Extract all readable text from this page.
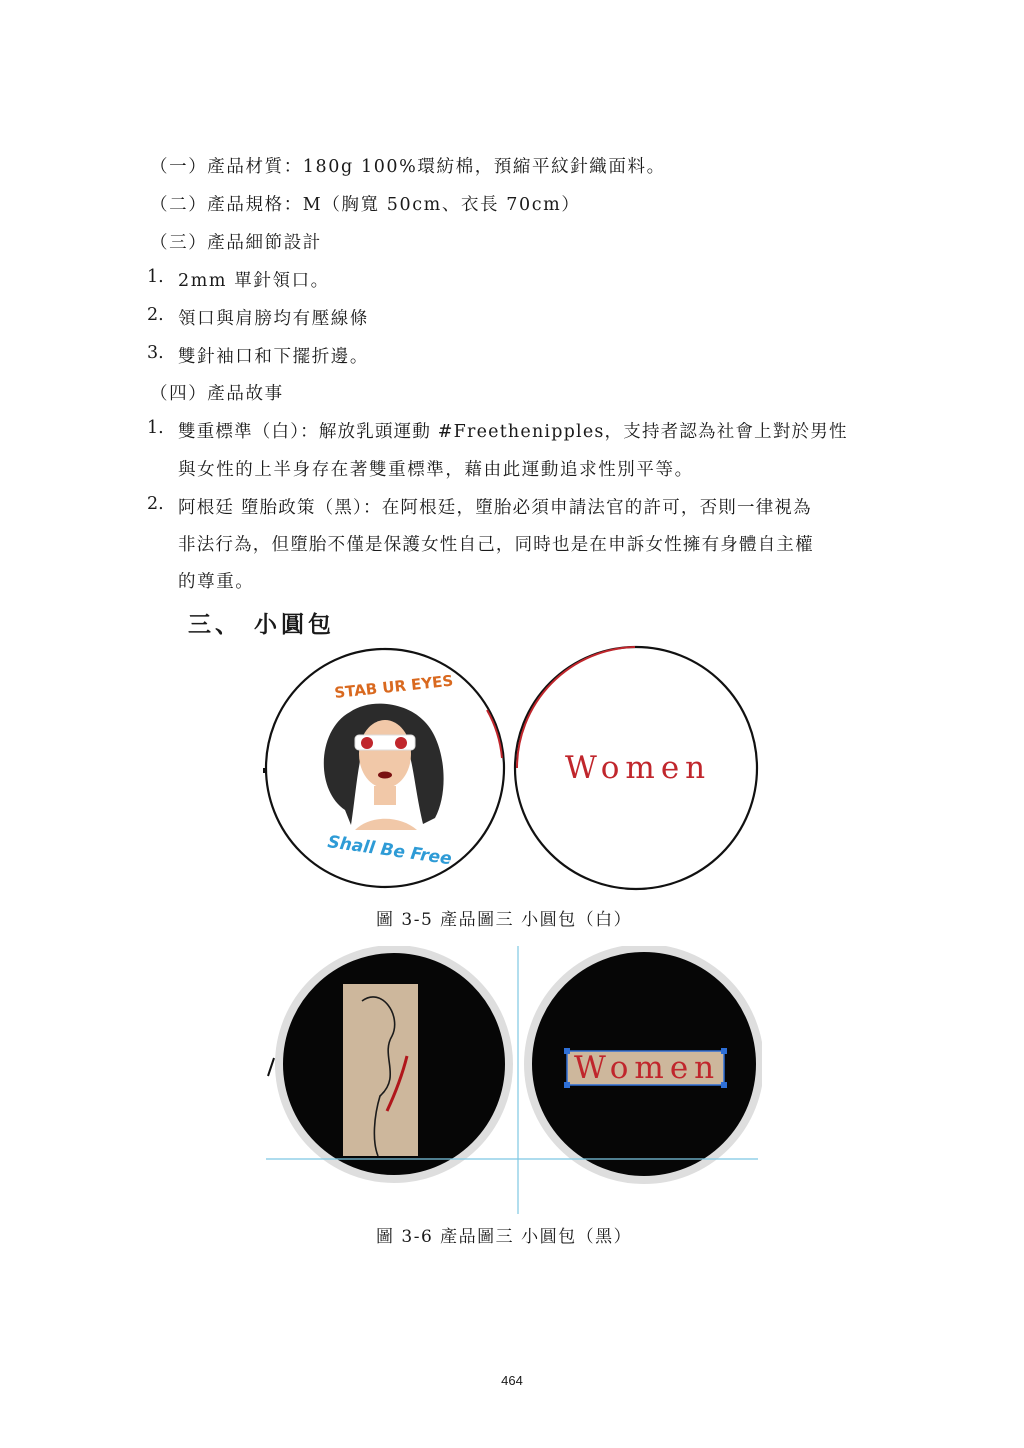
（一）產品材質：180g 100%環紡棉，預縮平紋針織面料。
（二）產品規格：M（胸寬 50cm、衣長 70cm）
（三）產品細節設計
1. 2mm 單針領口。
2. 領口與肩膀均有壓線條
3. 雙針袖口和下擺折邊。
（四）產品故事
1. 雙重標準（白）：解放乳頭運動 #Freethenipples，支持者認為社會上對於男性
與女性的上半身存在著雙重標準，藉由此運動追求性別平等。
2. 阿根廷 墮胎政策（黑）：在阿根廷，墮胎必須申請法官的許可，否則一律視為
非法行為，但墮胎不僅是保護女性自己，同時也是在申訴女性擁有身體自主權
的尊重。
三、 小圓包
STAB UR EYES
Shall Be Free
Women
圖 3-5 產品圖三 小圓包（白）
Women
圖 3-6 產品圖三 小圓包（黑）
464
